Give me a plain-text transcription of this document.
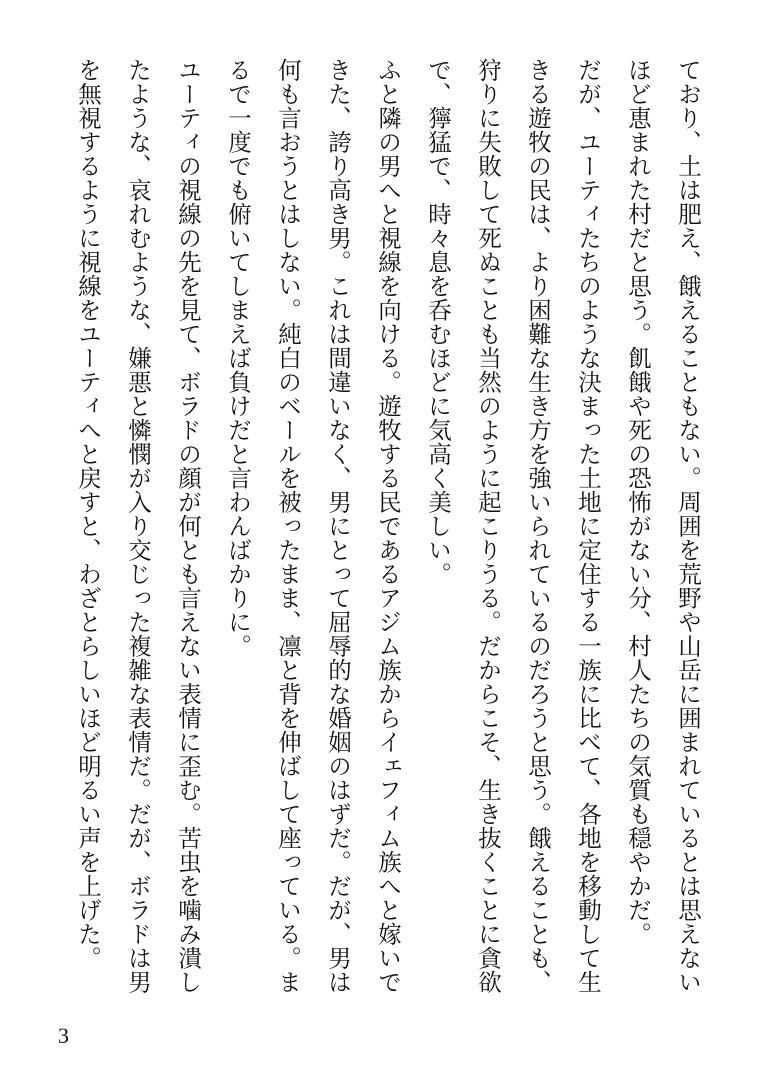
ており、土は肥え、餓えることもない。周囲を荒野や山岳に囲まれているとは思えないほど恵まれた村だと思う。飢餓や死の恐怖がない分、村人たちの気質も穏やかだ。

だが、ユーティたちのような決まった土地に定住する一族に比べて、各地を移動して生きる遊牧の民は、より困難な生き方を強いられているのだろうと思う。餓えることも、狩りに失敗して死ぬことも当然のように起こりうる。だからこそ、生き抜くことに貪欲で、獰猛で、時々息を呑むほどに気高く美しい。

ふと隣の男へと視線を向ける。遊牧する民であるアジム族からイェフィム族へと嫁いできた、誇り高き男。これは間違いなく、男にとって屈辱的な婚姻のはずだ。だが、男は何も言おうとはしない。純白のベールを被ったまま、凛と背を伸ばして座っている。まるで一度でも俯いてしまえば負けだと言わんばかりに。

ユーティの視線の先を見て、ボラドの顔が何とも言えない表情に歪む。苦虫を噛み潰したような、哀れむような、嫌悪と憐憫が入り交じった複雑な表情だ。だが、ボラドは男を無視するように視線をユーティへと戻すと、わざとらしいほど明るい声を上げた。

3
